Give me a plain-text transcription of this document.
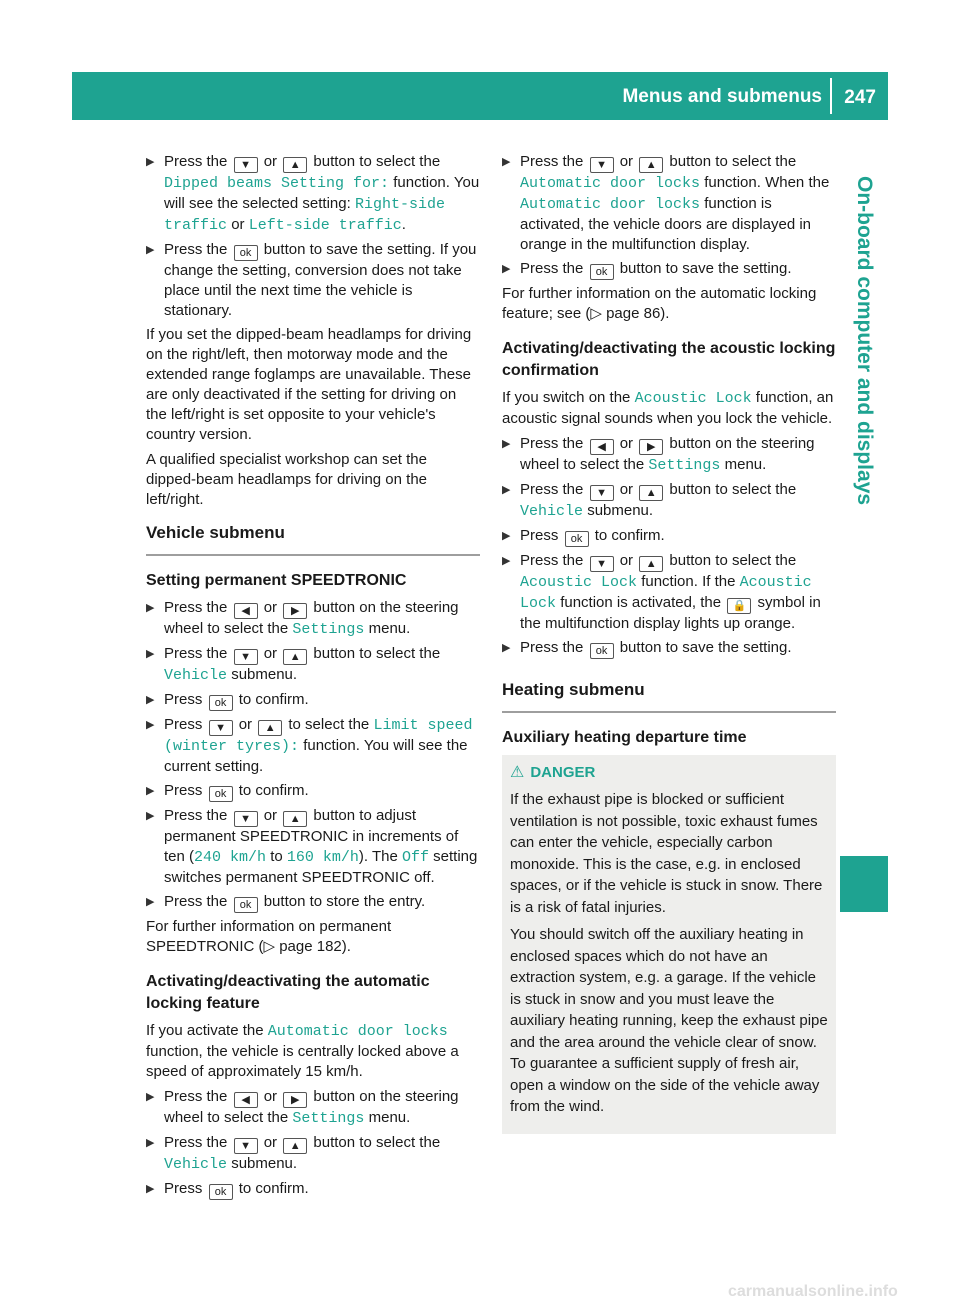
Menus and submenus 247
On-board computer and displays
▶ Press the ▼ or ▲ button to select the Dipped beams Setting for: function. You will see the selected setting: Right-side traffic or Left-side traffic.
▶ Press the ok button to save the setting. If you change the setting, conversion does not take place until the next time the vehicle is stationary.

If you set the dipped-beam headlamps for driving on the right/left, then motorway mode and the extended range foglamps are unavailable. These are only deactivated if the setting for driving on the left/right is set opposite to your vehicle's country version.

A qualified specialist workshop can set the dipped-beam headlamps for driving on the left/right.

Vehicle submenu
Setting permanent SPEEDTRONIC
▶ Press the ◀ or ▶ button on the steering wheel to select the Settings menu.
▶ Press the ▼ or ▲ button to select the Vehicle submenu.
▶ Press ok to confirm.
▶ Press ▼ or ▲ to select the Limit speed (winter tyres): function. You will see the current setting.
▶ Press ok to confirm.
▶ Press the ▼ or ▲ button to adjust permanent SPEEDTRONIC in increments of ten (240 km/h to 160 km/h). The Off setting switches permanent SPEEDTRONIC off.
▶ Press the ok button to store the entry.

For further information on permanent SPEEDTRONIC (▷ page 182).

Activating/deactivating the automatic locking feature

If you activate the Automatic door locks function, the vehicle is centrally locked above a speed of approximately 15 km/h.

▶ Press the ◀ or ▶ button on the steering wheel to select the Settings menu.
▶ Press the ▼ or ▲ button to select the Vehicle submenu.
▶ Press ok to confirm.
▶ Press the ▼ or ▲ button to select the Automatic door locks function. When the Automatic door locks function is activated, the vehicle doors are displayed in orange in the multifunction display.
▶ Press the ok button to save the setting.

For further information on the automatic locking feature; see (▷ page 86).

Activating/deactivating the acoustic locking confirmation

If you switch on the Acoustic Lock function, an acoustic signal sounds when you lock the vehicle.

▶ Press the ◀ or ▶ button on the steering wheel to select the Settings menu.
▶ Press the ▼ or ▲ button to select the Vehicle submenu.
▶ Press ok to confirm.
▶ Press the ▼ or ▲ button to select the Acoustic Lock function. If the Acoustic Lock function is activated, the 🔒 symbol in the multifunction display lights up orange.
▶ Press the ok button to save the setting.
Heating submenu
Auxiliary heating departure time
⚠ DANGER

If the exhaust pipe is blocked or sufficient ventilation is not possible, toxic exhaust fumes can enter the vehicle, especially carbon monoxide. This is the case, e.g. in enclosed spaces, or if the vehicle is stuck in snow. There is a risk of fatal injuries.

You should switch off the auxiliary heating in enclosed spaces which do not have an extraction system, e.g. a garage. If the vehicle is stuck in snow and you must leave the auxiliary heating running, keep the exhaust pipe and the area around the vehicle clear of snow. To guarantee a sufficient supply of fresh air, open a window on the side of the vehicle away from the wind.

carmanualsonline.info
